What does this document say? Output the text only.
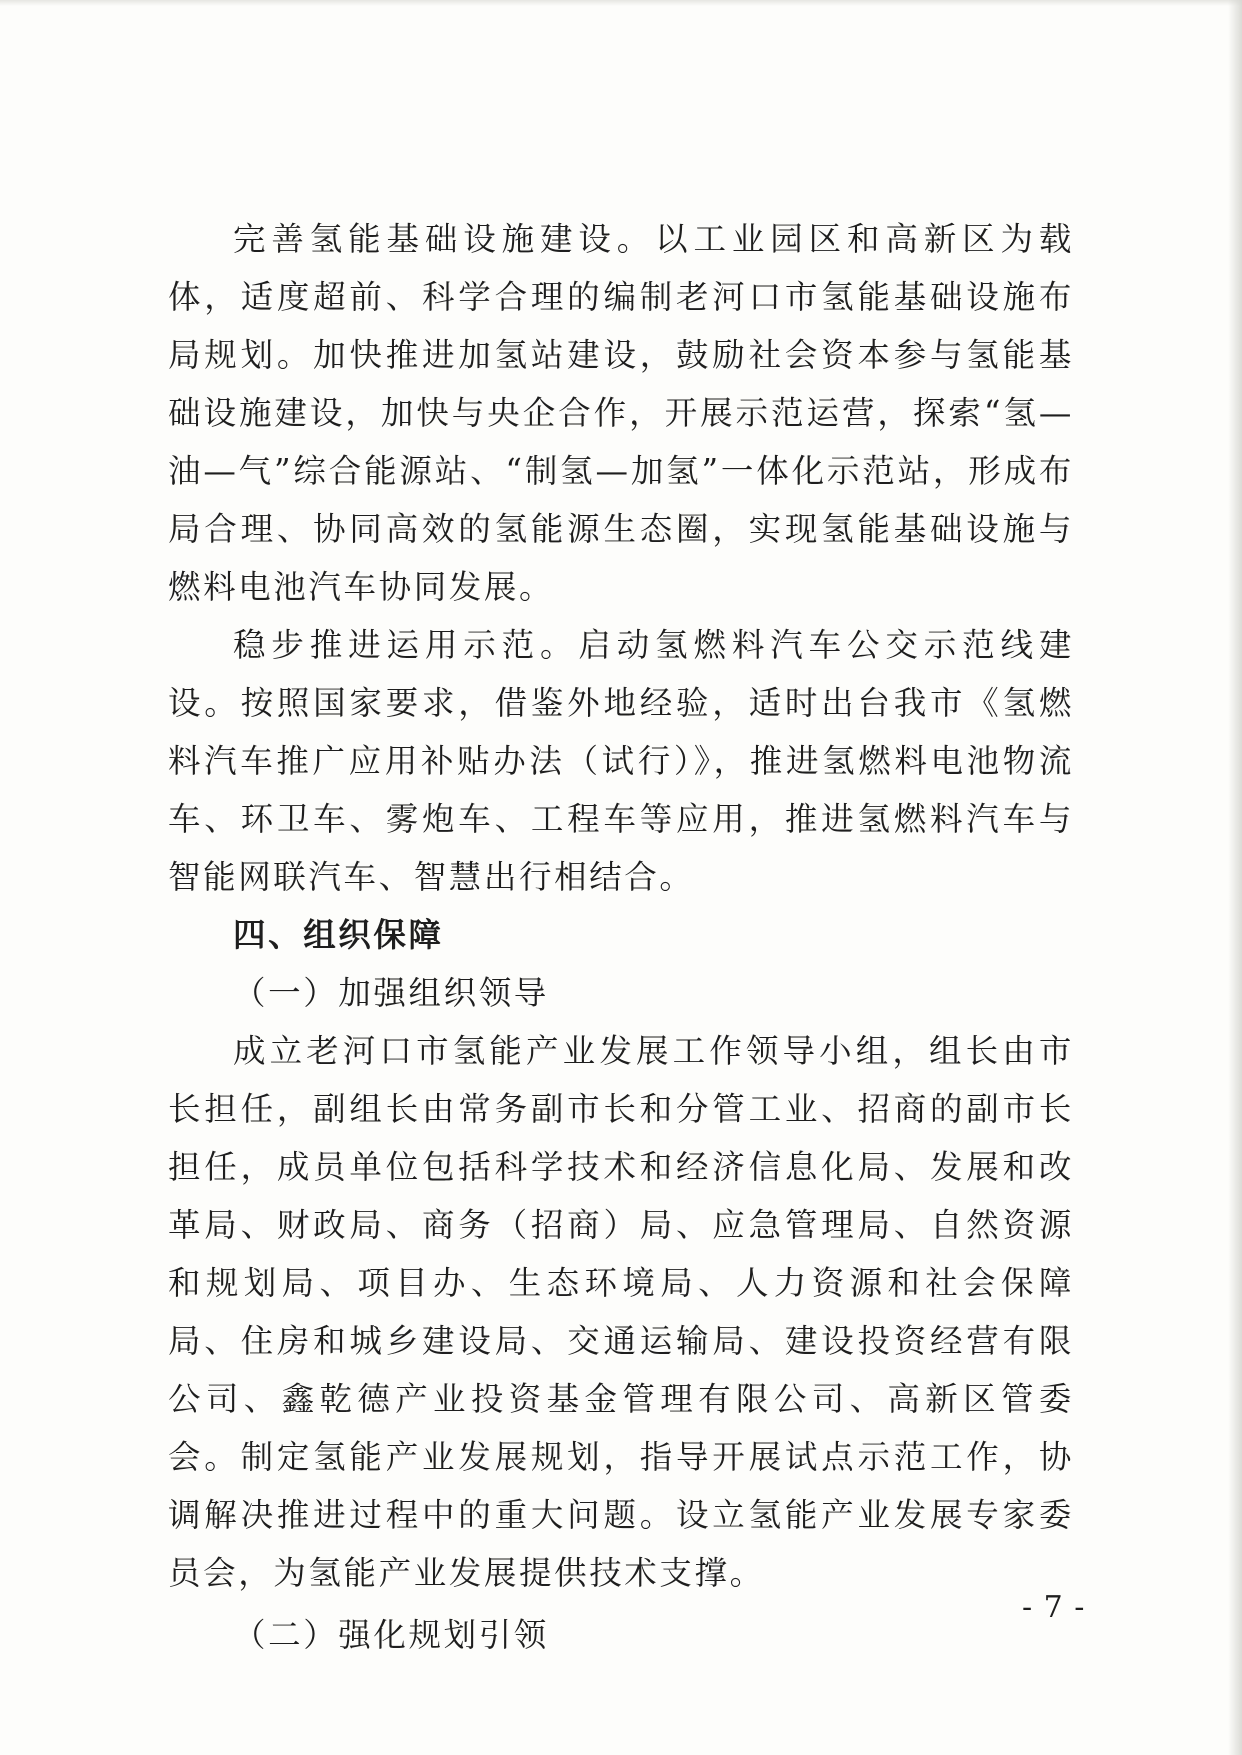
完善氢能基础设施建设。以工业园区和高新区为载体，适度超前、科学合理的编制老河口市氢能基础设施布局规划。加快推进加氢站建设，鼓励社会资本参与氢能基础设施建设，加快与央企合作，开展示范运营，探索“氢—油—气”综合能源站、“制氢—加氢”一体化示范站，形成布局合理、协同高效的氢能源生态圈，实现氢能基础设施与燃料电池汽车协同发展。

稳步推进运用示范。启动氢燃料汽车公交示范线建设。按照国家要求，借鉴外地经验，适时出台我市《氢燃料汽车推广应用补贴办法（试行）》，推进氢燃料电池物流车、环卫车、雾炮车、工程车等应用，推进氢燃料汽车与智能网联汽车、智慧出行相结合。

四、组织保障

（一）加强组织领导

成立老河口市氢能产业发展工作领导小组，组长由市长担任，副组长由常务副市长和分管工业、招商的副市长担任，成员单位包括科学技术和经济信息化局、发展和改革局、财政局、商务（招商）局、应急管理局、自然资源和规划局、项目办、生态环境局、人力资源和社会保障局、住房和城乡建设局、交通运输局、建设投资经营有限公司、鑫乾德产业投资基金管理有限公司、高新区管委会。制定氢能产业发展规划，指导开展试点示范工作，协调解决推进过程中的重大问题。设立氢能产业发展专家委员会，为氢能产业发展提供技术支撑。

（二）强化规划引领

- 7 -
